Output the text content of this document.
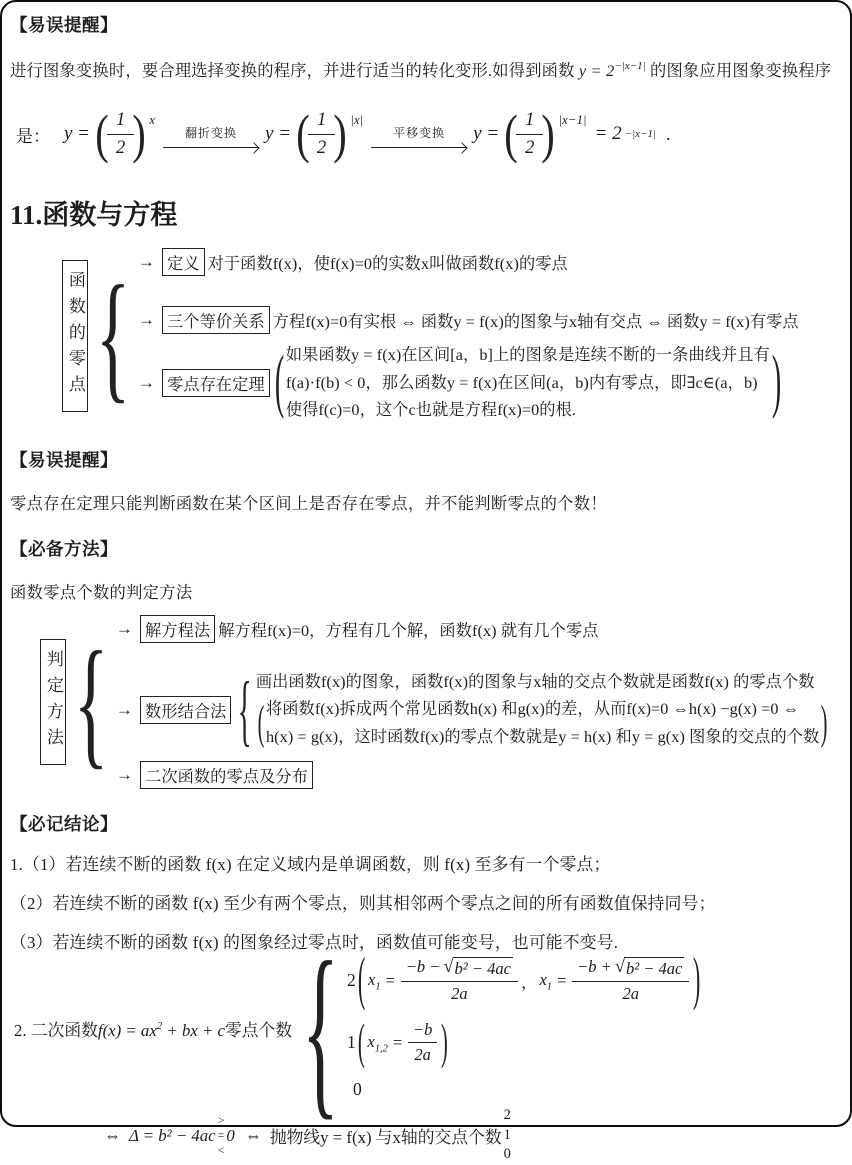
【易误提醒】
进行图象变换时，要合理选择变换的程序，并进行适当的转化变形.如得到函数 $y = 2^{-|x-1|}$ 的图象应用图象变换程序
是： y = (
$\frac{1}{2}$
) x
翻折变换 y = (
$\frac{1}{2}$
) |x|
平移变换 y = (
$\frac{1}{2}$
) |x−1|
= 2 −|x−1| .
11.函数与方程
函数的零点 { → 定义 对于函数f(x)，使f(x)=0的实数x叫做函数f(x)的零点
→ 三个等价关系 方程f(x)=0有实根 ⇔ 函数y = f(x)的图象与x轴有交点 ⇔ 函数y = f(x)有零点
→ 零点存在定理 ( 如果函数y = f(x)在区间[a，b]上的图象是连续不断的一条曲线并且有
f(a)·f(b) < 0，那么函数y = f(x)在区间(a，b)内有零点，即∃c∈(a，b)
使得f(c)=0，这个c也就是方程f(x)=0的根.	)
【易误提醒】
零点存在定理只能判断函数在某个区间上是否存在零点，并不能判断零点的个数！
【必备方法】
函数零点个数的判定方法
判定方法 { → 解方程法 解方程f(x)=0，方程有几个解，函数f(x) 就有几个零点
→ 数形结合法 { 画出函数f(x)的图象，函数f(x)的图象与x轴的交点个数就是函数f(x) 的零点个数
( 将函数f(x)拆成两个常见函数h(x) 和g(x)的差，从而f(x)=0 ⇔h(x) −g(x) =0 ⇔
h(x) = g(x)，这时函数f(x)的零点个数就是y = h(x) 和y = g(x) 图象的交点的个数 )
→ 二次函数的零点及分布
【必记结论】
1.（1）若连续不断的函数 f(x) 在定义域内是单调函数，则 f(x) 至多有一个零点；
（2）若连续不断的函数 f(x) 至少有两个零点，则其相邻两个零点之间的所有函数值保持同号；
（3）若连续不断的函数 f(x) 的图象经过零点时，函数值可能变号，也可能不变号.
2. 二次函数$f(x) = ax^2$ + bx + c零点个数 { 2 ( $x_1 = \frac{\text{−b − √ b² − 4ac}}{2a}$ ， $x_1 = \frac{\text{−b + √ b² − 4ac}}{2a}$ )
1 ( $x_{1,2} = \frac{-b}{2a}$ )
0
⇔ Δ = b² − 4ac
>
=
<
0 ⇔ 抛物线y = f(x) 与x轴的交点个数
2
1
0
